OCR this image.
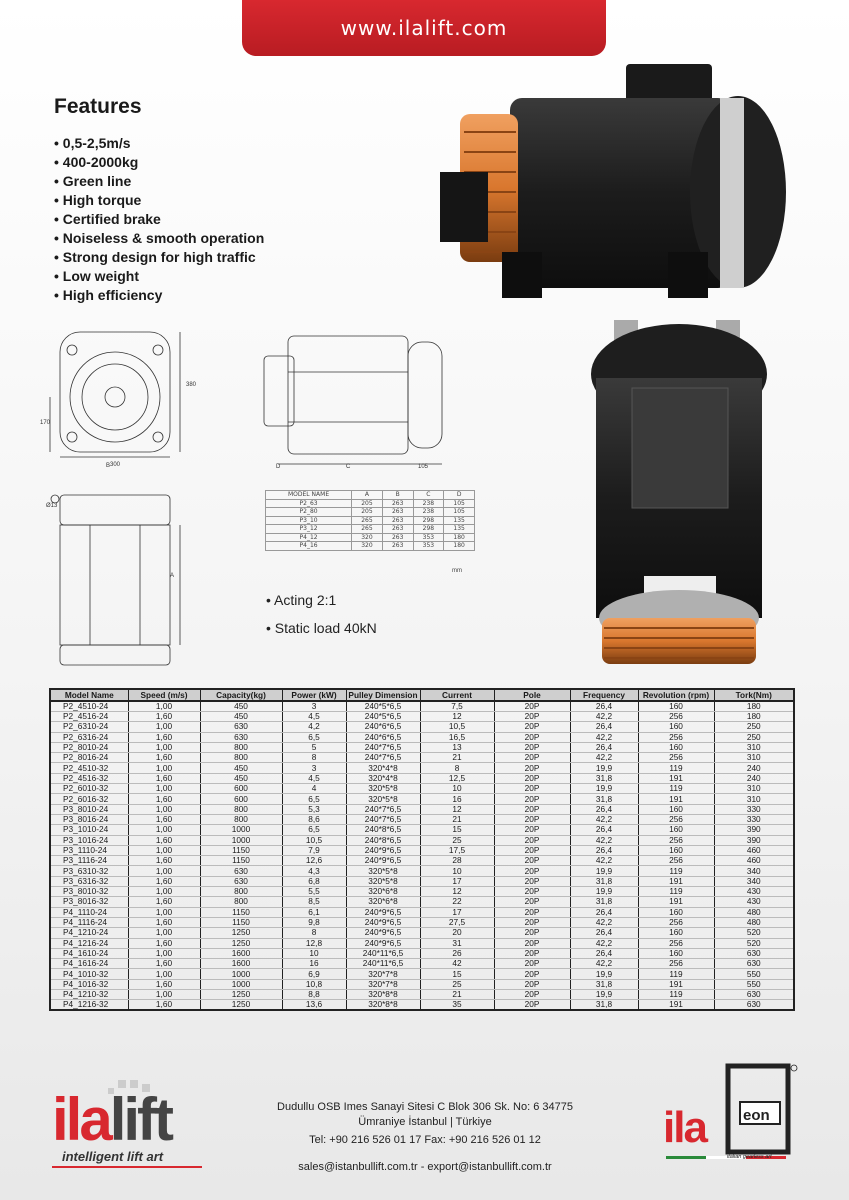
www.ilalift.com
Features
• 0,5-2,5m/s
• 400-2000kg
• Green line
• High torque
• Certified brake
• Noiseless & smooth operation
• Strong design for high traffic
• Low weight
• High efficiency
380
170
300
B	D	C	105
Ø13
A
MODEL NAME	A	B	C	D
P2_63	205	263	238	105
P2_80	205	263	238	105
P3_10	265	263	298	135
P3_12	265	263	298	135
P4_12	320	263	353	180
P4_16	320	263	353	180
mm
• Acting 2:1
• Static load 40kN
Model Name	Speed (m/s)	Capacity(kg)	Power (kW)	Pulley Dimension	Current	Pole	Frequency	Revolution (rpm)	Tork(Nm)
P2_4510-24	1,00	450	3	240*5*6,5	7,5	20P	26,4	160	180
P2_4516-24	1,60	450	4,5	240*5*6,5	12	20P	42,2	256	180
P2_6310-24	1,00	630	4,2	240*6*6,5	10,5	20P	26,4	160	250
P2_6316-24	1,60	630	6,5	240*6*6,5	16,5	20P	42,2	256	250
P2_8010-24	1,00	800	5	240*7*6,5	13	20P	26,4	160	310
P2_8016-24	1,60	800	8	240*7*6,5	21	20P	42,2	256	310
P2_4510-32	1,00	450	3	320*4*8	8	20P	19,9	119	240
P2_4516-32	1,60	450	4,5	320*4*8	12,5	20P	31,8	191	240
P2_6010-32	1,00	600	4	320*5*8	10	20P	19,9	119	310
P2_6016-32	1,60	600	6,5	320*5*8	16	20P	31,8	191	310
P3_8010-24	1,00	800	5,3	240*7*6,5	12	20P	26,4	160	330
P3_8016-24	1,60	800	8,6	240*7*6,5	21	20P	42,2	256	330
P3_1010-24	1,00	1000	6,5	240*8*6,5	15	20P	26,4	160	390
P3_1016-24	1,60	1000	10,5	240*8*6,5	25	20P	42,2	256	390
P3_1110-24	1,00	1150	7,9	240*9*6,5	17,5	20P	26,4	160	460
P3_1116-24	1,60	1150	12,6	240*9*6,5	28	20P	42,2	256	460
P3_6310-32	1,00	630	4,3	320*5*8	10	20P	19,9	119	340
P3_6316-32	1,60	630	6,8	320*5*8	17	20P	31,8	191	340
P3_8010-32	1,00	800	5,5	320*6*8	12	20P	19,9	119	430
P3_8016-32	1,60	800	8,5	320*6*8	22	20P	31,8	191	430
P4_1110-24	1,00	1150	6,1	240*9*6,5	17	20P	26,4	160	480
P4_1116-24	1,60	1150	9,8	240*9*6,5	27,5	20P	42,2	256	480
P4_1210-24	1,00	1250	8	240*9*6,5	20	20P	26,4	160	520
P4_1216-24	1,60	1250	12,8	240*9*6,5	31	20P	42,2	256	520
P4_1610-24	1,00	1600	10	240*11*6,5	26	20P	26,4	160	630
P4_1616-24	1,60	1600	16	240*11*6,5	42	20P	42,2	256	630
P4_1010-32	1,00	1000	6,9	320*7*8	15	20P	19,9	119	550
P4_1016-32	1,60	1000	10,8	320*7*8	25	20P	31,8	191	550
P4_1210-32	1,00	1250	8,8	320*8*8	21	20P	19,9	119	630
P4_1216-32	1,60	1250	13,6	320*8*8	35	20P	31,8	191	630
ilalift
intelligent lift art
Dudullu OSB Imes Sanayi Sitesi C Blok 306 Sk. No: 6 34775
Ümraniye İstanbul | Türkiye
Tel: +90 216 526 01 17 Fax: +90 216 526 01 12
sales@istanbullift.com.tr - export@istanbullift.com.tr
ila eon
italian gearless art
